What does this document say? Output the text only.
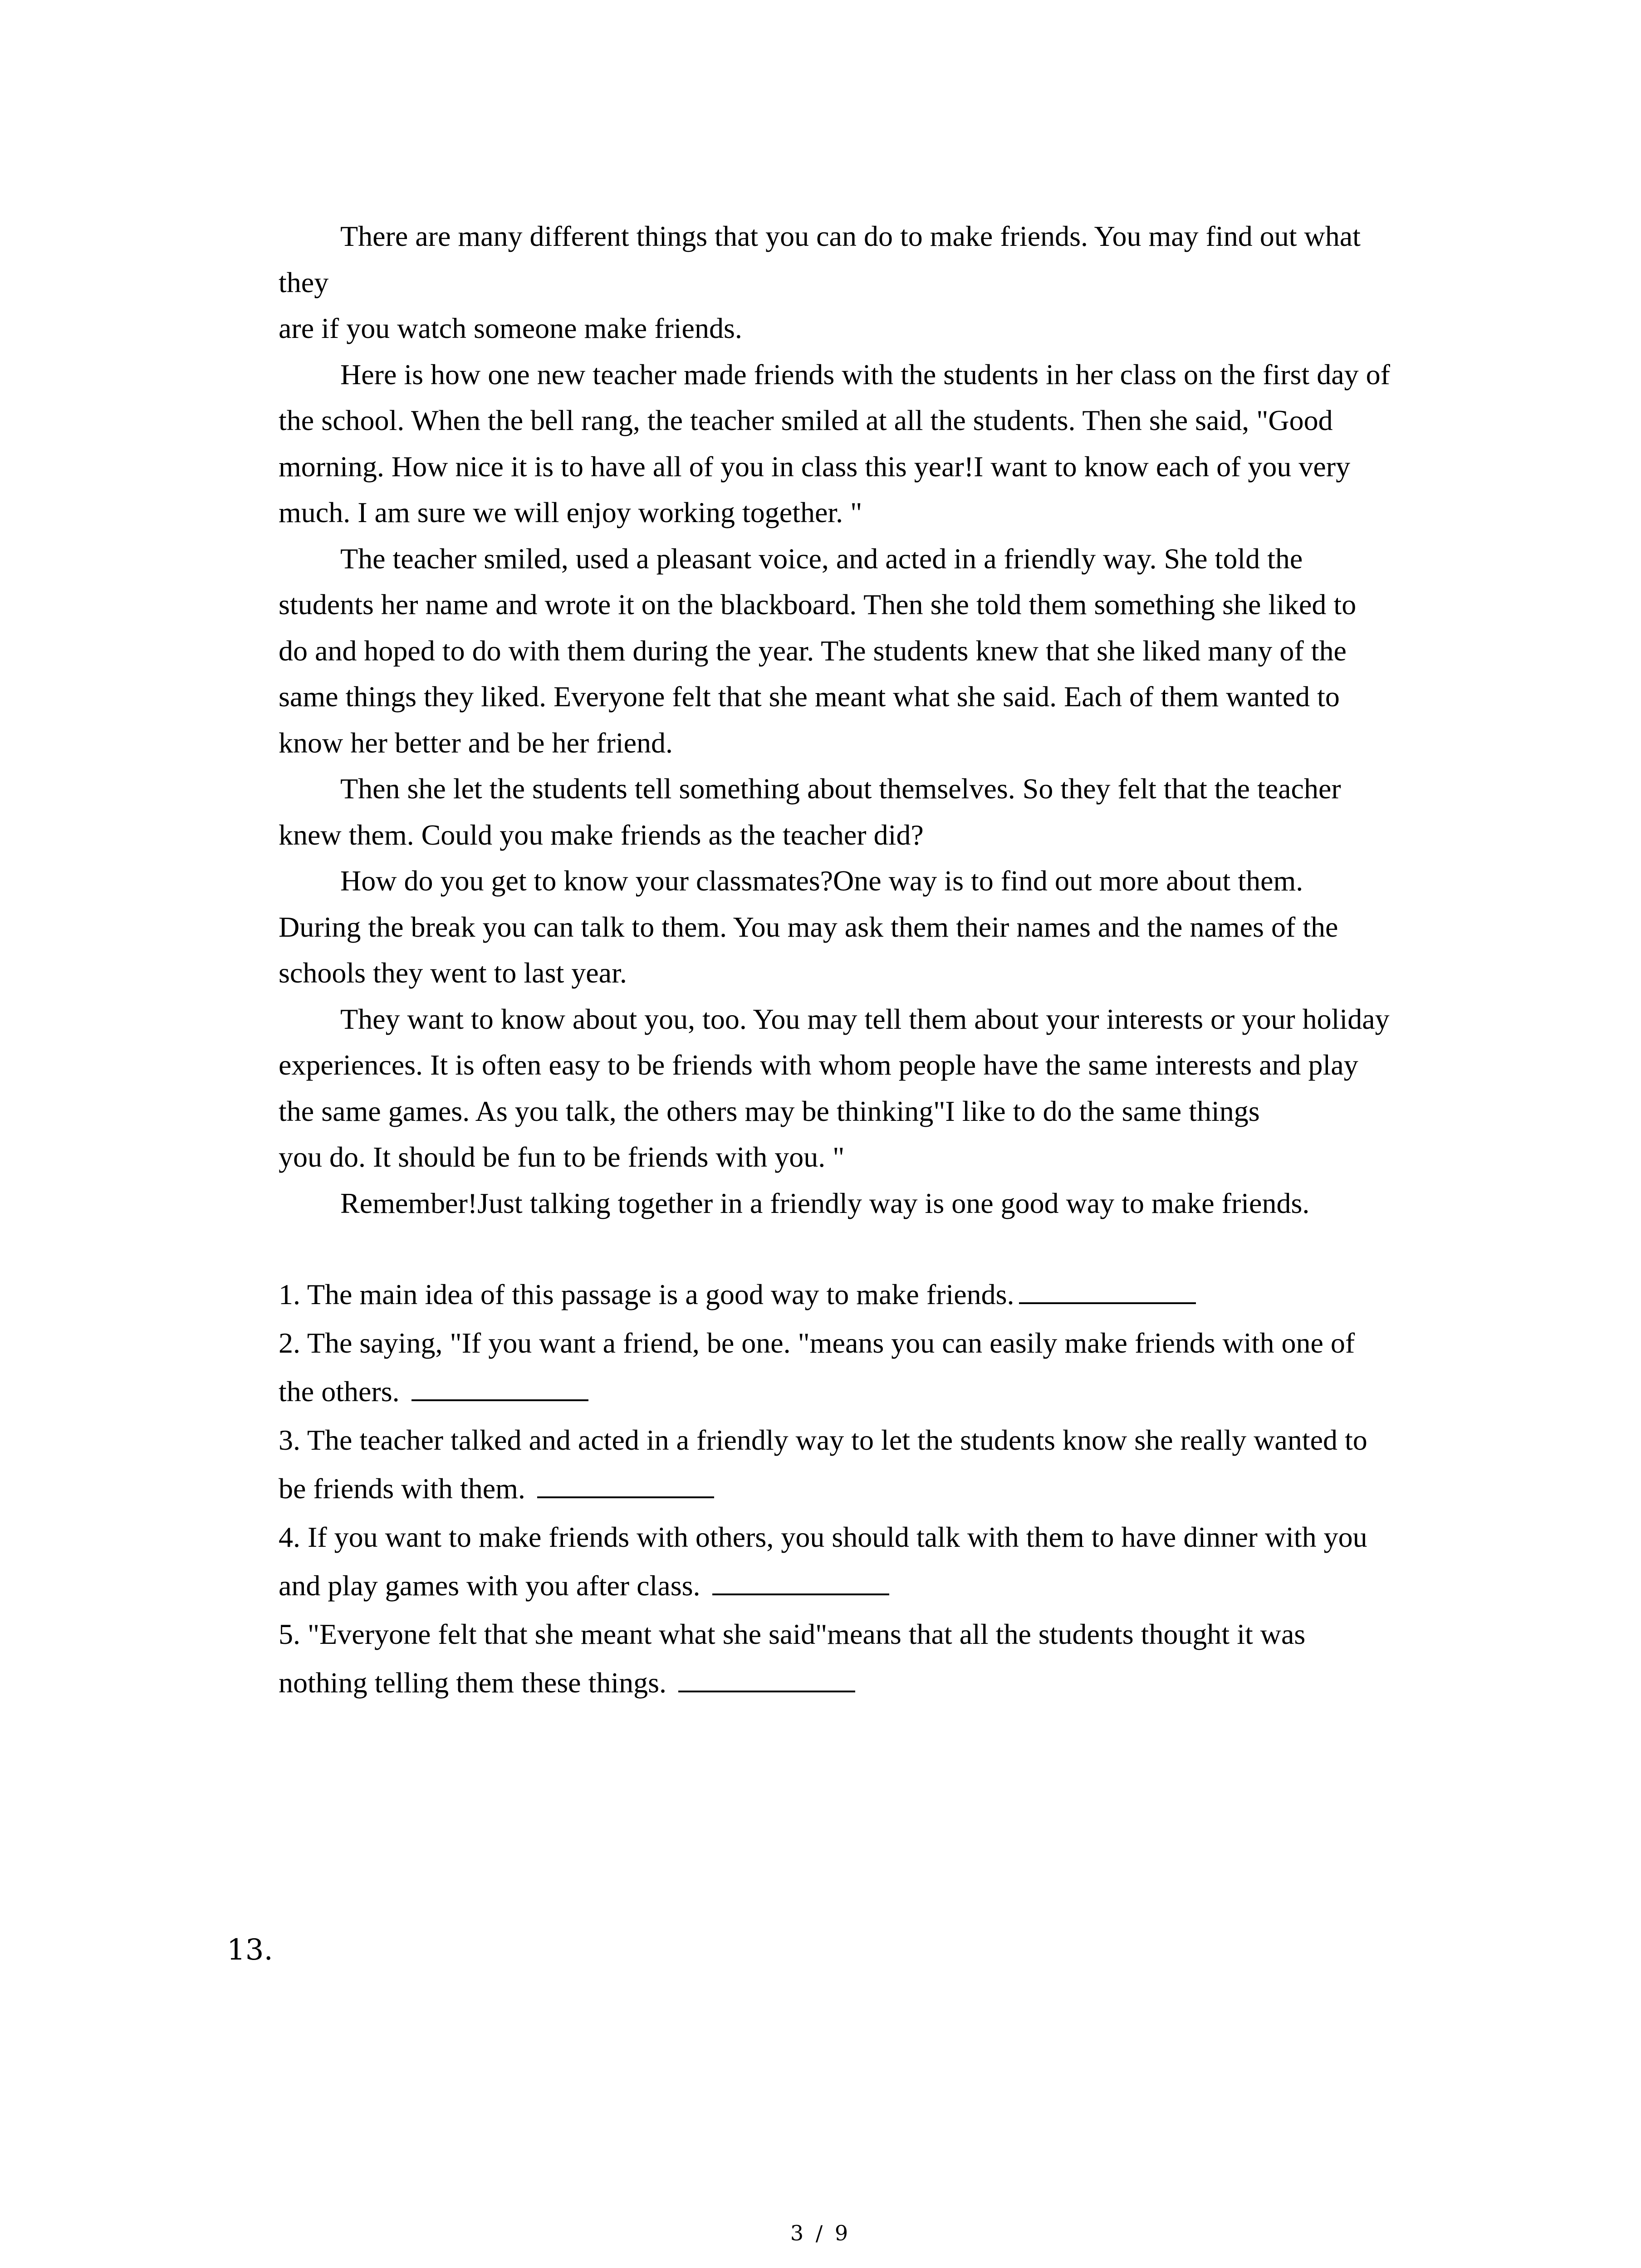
There are many different things that you can do to make friends. You may find out what
they

are if you watch someone make friends.

Here is how one new teacher made friends with the students in her class on the first day of
the school. When the bell rang, the teacher smiled at all the students. Then she said, "Good
morning. How nice it is to have all of you in class this year!I want to know each of you very
much. I am sure we will enjoy working together. "

The teacher smiled, used a pleasant voice, and acted in a friendly way. She told the
students her name and wrote it on the blackboard. Then she told them something she liked to
do and hoped to do with them during the year. The students knew that she liked many of the
same things they liked. Everyone felt that she meant what she said. Each of them wanted to
know her better and be her friend.

Then she let the students tell something about themselves. So they felt that the teacher
knew them. Could you make friends as the teacher did?

How do you get to know your classmates?One way is to find out more about them.
During the break you can talk to them. You may ask them their names and the names of the
schools they went to last year.

They want to know about you, too. You may tell them about your interests or your holiday
experiences. It is often easy to be friends with whom people have the same interests and play
the same games. As you talk, the others may be thinking"I like to do the same things
you do. It should be fun to be friends with you. "

Remember!Just talking together in a friendly way is one good way to make friends.

1. The main idea of this passage is a good way to make friends.

2. The saying, "If you want a friend, be one. "means you can easily make friends with one of
the others.

3. The teacher talked and acted in a friendly way to let the students know she really wanted to
be friends with them.

4. If you want to make friends with others, you should talk with them to have dinner with you
and play games with you after class.

5. "Everyone felt that she meant what she said"means that all the students thought it was
nothing telling them these things.

13.
3 / 9
